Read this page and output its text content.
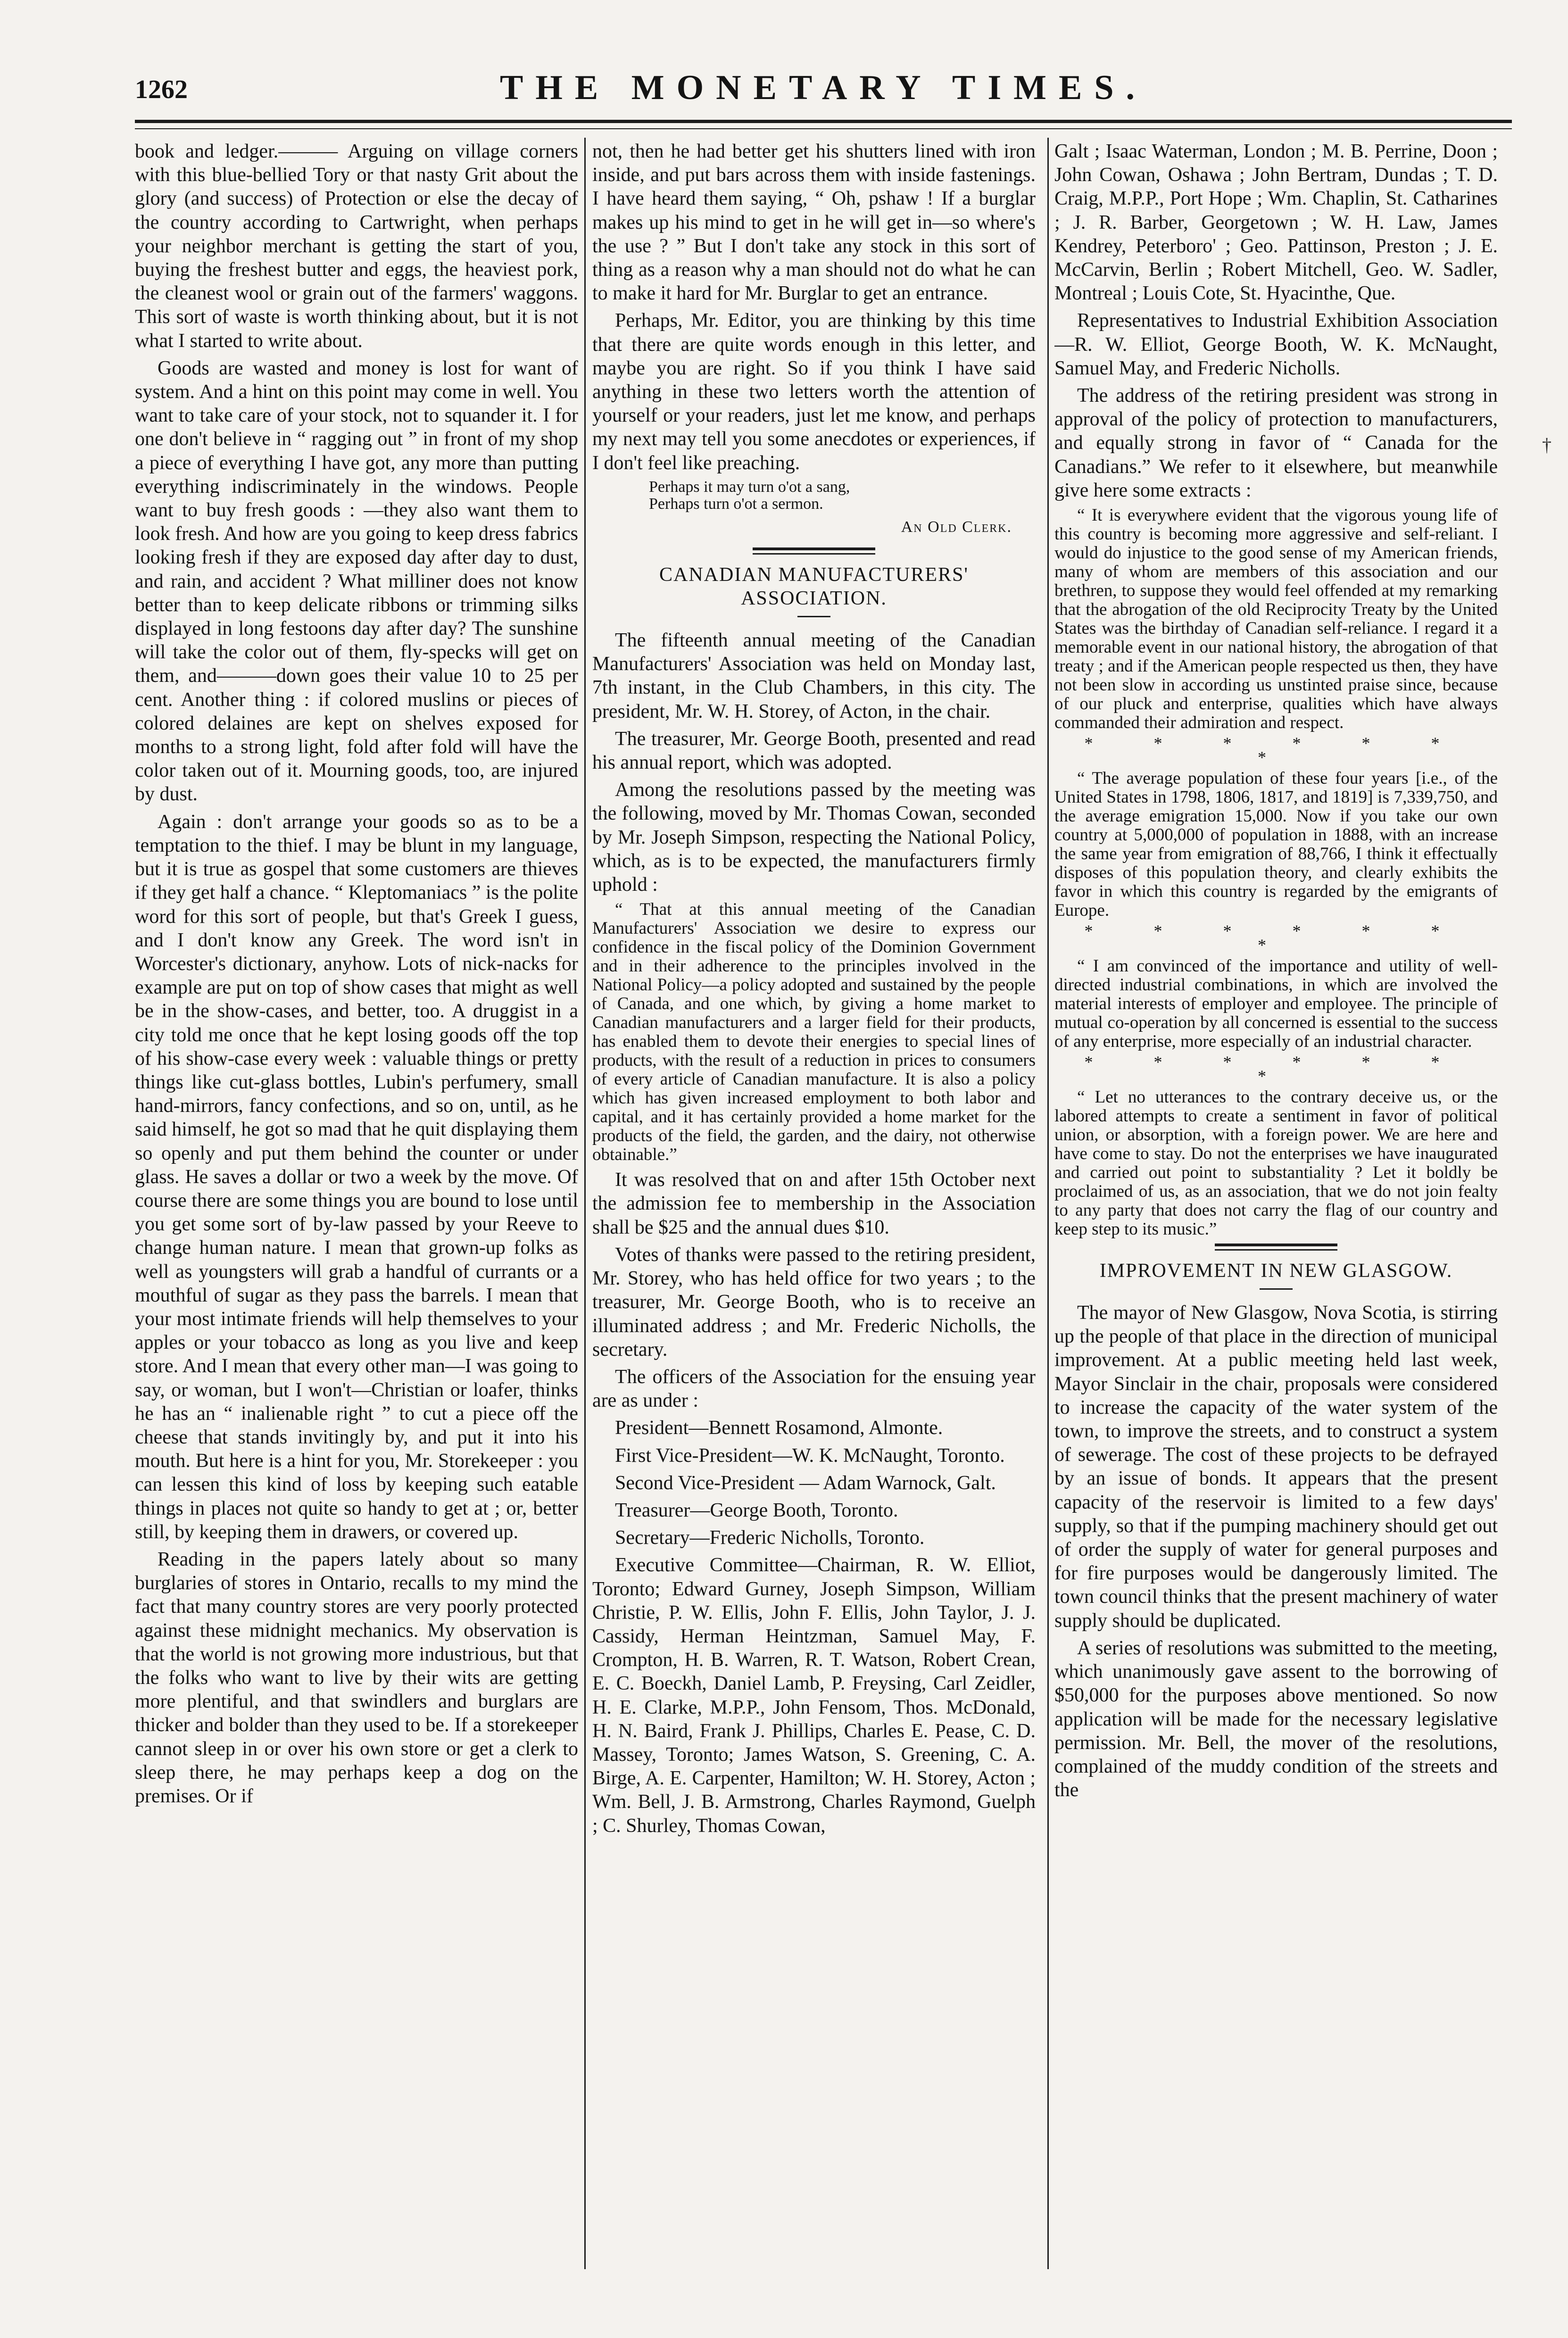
1262	THE MONETARY TIMES.

book and ledger.——— Arguing on village corners with this blue-bellied Tory or that nasty Grit about the glory (and success) of Protection or else the decay of the country according to Cartwright, when perhaps your neighbor merchant is getting the start of you, buying the freshest butter and eggs, the heaviest pork, the cleanest wool or grain out of the farmers' waggons. This sort of waste is worth thinking about, but it is not what I started to write about.

Goods are wasted and money is lost for want of system. And a hint on this point may come in well. You want to take care of your stock, not to squander it. I for one don't believe in “ ragging out ” in front of my shop a piece of everything I have got, any more than putting everything indiscriminately in the windows. People want to buy fresh goods : —they also want them to look fresh. And how are you going to keep dress fabrics looking fresh if they are exposed day after day to dust, and rain, and accident ? What milliner does not know better than to keep delicate ribbons or trimming silks displayed in long festoons day after day? The sunshine will take the color out of them, fly-specks will get on them, and———down goes their value 10 to 25 per cent. Another thing : if colored muslins or pieces of colored delaines are kept on shelves exposed for months to a strong light, fold after fold will have the color taken out of it. Mourning goods, too, are injured by dust.

Again : don't arrange your goods so as to be a temptation to the thief. I may be blunt in my language, but it is true as gospel that some customers are thieves if they get half a chance. “ Kleptomaniacs ” is the polite word for this sort of people, but that's Greek I guess, and I don't know any Greek. The word isn't in Worcester's dictionary, anyhow. Lots of nick-nacks for example are put on top of show cases that might as well be in the show-cases, and better, too. A druggist in a city told me once that he kept losing goods off the top of his show-case every week : valuable things or pretty things like cut-glass bottles, Lubin's perfumery, small hand-mirrors, fancy confections, and so on, until, as he said himself, he got so mad that he quit displaying them so openly and put them behind the counter or under glass. He saves a dollar or two a week by the move. Of course there are some things you are bound to lose until you get some sort of by-law passed by your Reeve to change human nature. I mean that grown-up folks as well as youngsters will grab a handful of currants or a mouthful of sugar as they pass the barrels. I mean that your most intimate friends will help themselves to your apples or your tobacco as long as you live and keep store. And I mean that every other man—I was going to say, or woman, but I won't—Christian or loafer, thinks he has an “ inalienable right ” to cut a piece off the cheese that stands invitingly by, and put it into his mouth. But here is a hint for you, Mr. Storekeeper : you can lessen this kind of loss by keeping such eatable things in places not quite so handy to get at ; or, better still, by keeping them in drawers, or covered up.

Reading in the papers lately about so many burglaries of stores in Ontario, recalls to my mind the fact that many country stores are very poorly protected against these midnight mechanics. My observation is that the world is not growing more industrious, but that the folks who want to live by their wits are getting more plentiful, and that swindlers and burglars are thicker and bolder than they used to be. If a storekeeper cannot sleep in or over his own store or get a clerk to sleep there, he may perhaps keep a dog on the premises. Or if

not, then he had better get his shutters lined with iron inside, and put bars across them with inside fastenings. I have heard them saying, “ Oh, pshaw ! If a burglar makes up his mind to get in he will get in—so where's the use ? ” But I don't take any stock in this sort of thing as a reason why a man should not do what he can to make it hard for Mr. Burglar to get an entrance.

Perhaps, Mr. Editor, you are thinking by this time that there are quite words enough in this letter, and maybe you are right. So if you think I have said anything in these two letters worth the attention of yourself or your readers, just let me know, and perhaps my next may tell you some anecdotes or experiences, if I don't feel like preaching.

Perhaps it may turn o'ot a sang,
Perhaps turn o'ot a sermon.
An Old Clerk.
CANADIAN MANUFACTURERS' ASSOCIATION.

The fifteenth annual meeting of the Canadian Manufacturers' Association was held on Monday last, 7th instant, in the Club Chambers, in this city. The president, Mr. W. H. Storey, of Acton, in the chair.

The treasurer, Mr. George Booth, presented and read his annual report, which was adopted.

Among the resolutions passed by the meeting was the following, moved by Mr. Thomas Cowan, seconded by Mr. Joseph Simpson, respecting the National Policy, which, as is to be expected, the manufacturers firmly uphold :

“ That at this annual meeting of the Canadian Manufacturers' Association we desire to express our confidence in the fiscal policy of the Dominion Government and in their adherence to the principles involved in the National Policy—a policy adopted and sustained by the people of Canada, and one which, by giving a home market to Canadian manufacturers and a larger field for their products, has enabled them to devote their energies to special lines of products, with the result of a reduction in prices to consumers of every article of Canadian manufacture. It is also a policy which has given increased employment to both labor and capital, and it has certainly provided a home market for the products of the field, the garden, and the dairy, not otherwise obtainable.”

It was resolved that on and after 15th October next the admission fee to membership in the Association shall be $25 and the annual dues $10.

Votes of thanks were passed to the retiring president, Mr. Storey, who has held office for two years ; to the treasurer, Mr. George Booth, who is to receive an illuminated address ; and Mr. Frederic Nicholls, the secretary.

The officers of the Association for the ensuing year are as under :

President—Bennett Rosamond, Almonte.

First Vice-President—W. K. McNaught, Toronto.

Second Vice-President — Adam Warnock, Galt.

Treasurer—George Booth, Toronto.

Secretary—Frederic Nicholls, Toronto.

Executive Committee—Chairman, R. W. Elliot, Toronto; Edward Gurney, Joseph Simpson, William Christie, P. W. Ellis, John F. Ellis, John Taylor, J. J. Cassidy, Herman Heintzman, Samuel May, F. Crompton, H. B. Warren, R. T. Watson, Robert Crean, E. C. Boeckh, Daniel Lamb, P. Freysing, Carl Zeidler, H. E. Clarke, M.P.P., John Fensom, Thos. McDonald, H. N. Baird, Frank J. Phillips, Charles E. Pease, C. D. Massey, Toronto; James Watson, S. Greening, C. A. Birge, A. E. Carpenter, Hamilton; W. H. Storey, Acton ; Wm. Bell, J. B. Armstrong, Charles Raymond, Guelph ; C. Shurley, Thomas Cowan,

Galt ; Isaac Waterman, London ; M. B. Perrine, Doon ; John Cowan, Oshawa ; John Bertram, Dundas ; T. D. Craig, M.P.P., Port Hope ; Wm. Chaplin, St. Catharines ; J. R. Barber, Georgetown ; W. H. Law, James Kendrey, Peterboro' ; Geo. Pattinson, Preston ; J. E. McCarvin, Berlin ; Robert Mitchell, Geo. W. Sadler, Montreal ; Louis Cote, St. Hyacinthe, Que.

Representatives to Industrial Exhibition Association—R. W. Elliot, George Booth, W. K. McNaught, Samuel May, and Frederic Nicholls.

The address of the retiring president was strong in approval of the policy of protection to manufacturers, and equally strong in favor of “ Canada for the Canadians.” We refer to it elsewhere, but meanwhile give here some extracts :

“ It is everywhere evident that the vigorous young life of this country is becoming more aggressive and self-reliant. I would do injustice to the good sense of my American friends, many of whom are members of this association and our brethren, to suppose they would feel offended at my remarking that the abrogation of the old Reciprocity Treaty by the United States was the birthday of Canadian self-reliance. I regard it a memorable event in our national history, the abrogation of that treaty ; and if the American people respected us then, they have not been slow in according us unstinted praise since, because of our pluck and enterprise, qualities which have always commanded their admiration and respect.

* * * * * * *

“ The average population of these four years [i.e., of the United States in 1798, 1806, 1817, and 1819] is 7,339,750, and the average emigration 15,000. Now if you take our own country at 5,000,000 of population in 1888, with an increase the same year from emigration of 88,766, I think it effectually disposes of this population theory, and clearly exhibits the favor in which this country is regarded by the emigrants of Europe.

* * * * * * *

“ I am convinced of the importance and utility of well-directed industrial combinations, in which are involved the material interests of employer and employee. The principle of mutual co-operation by all concerned is essential to the success of any enterprise, more especially of an industrial character.

* * * * * * *

“ Let no utterances to the contrary deceive us, or the labored attempts to create a sentiment in favor of political union, or absorption, with a foreign power. We are here and have come to stay. Do not the enterprises we have inaugurated and carried out point to substantiality ? Let it boldly be proclaimed of us, as an association, that we do not join fealty to any party that does not carry the flag of our country and keep step to its music.”

IMPROVEMENT IN NEW GLASGOW.

The mayor of New Glasgow, Nova Scotia, is stirring up the people of that place in the direction of municipal improvement. At a public meeting held last week, Mayor Sinclair in the chair, proposals were considered to increase the capacity of the water system of the town, to improve the streets, and to construct a system of sewerage. The cost of these projects to be defrayed by an issue of bonds. It appears that the present capacity of the reservoir is limited to a few days' supply, so that if the pumping machinery should get out of order the supply of water for general purposes and for fire purposes would be dangerously limited. The town council thinks that the present machinery of water supply should be duplicated.

A series of resolutions was submitted to the meeting, which unanimously gave assent to the borrowing of $50,000 for the purposes above mentioned. So now application will be made for the necessary legislative permission. Mr. Bell, the mover of the resolutions, complained of the muddy condition of the streets and the

†
